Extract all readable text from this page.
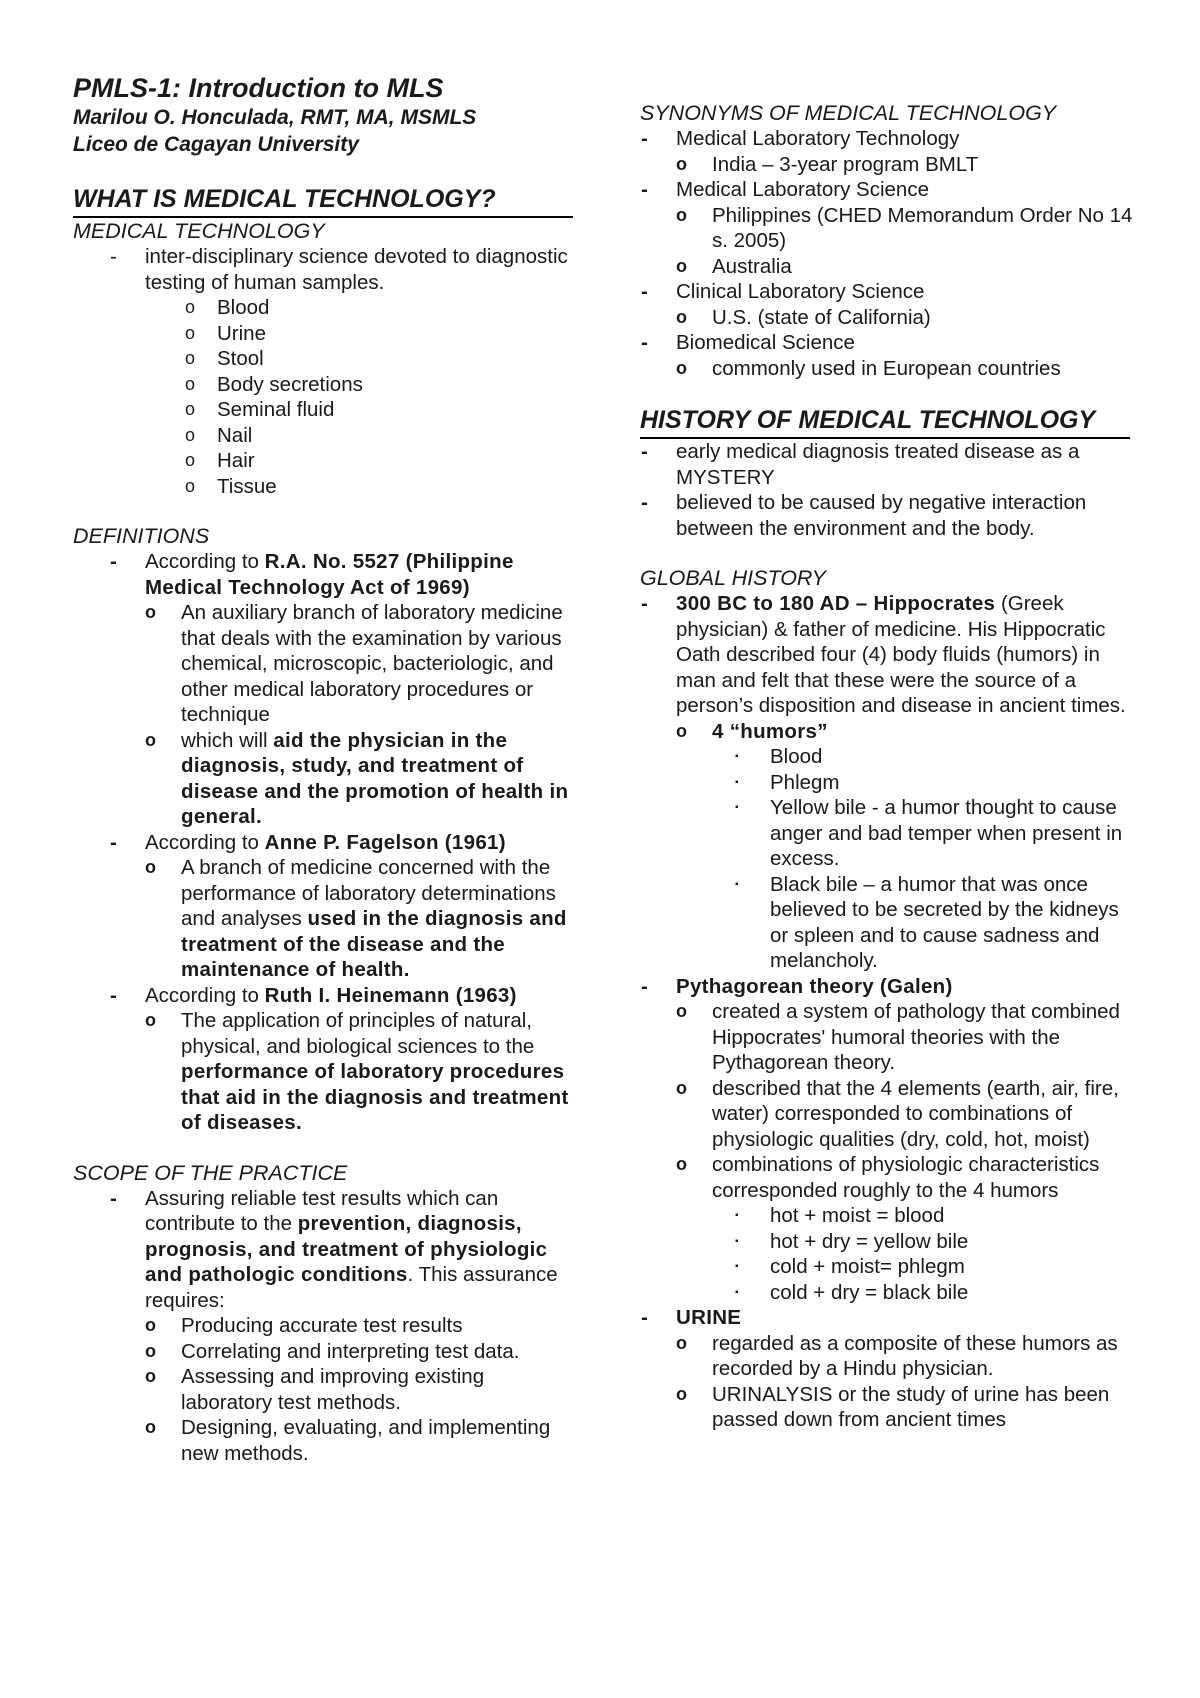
PMLS-1: Introduction to MLS

Marilou O. Honculada, RMT, MA, MSMLS

Liceo de Cagayan University

WHAT IS MEDICAL TECHNOLOGY?

MEDICAL TECHNOLOGY

- inter-disciplinary science devoted to diagnostic testing of human samples.
o Blood
o Urine
o Stool
o Body secretions
o Seminal fluid
o Nail
o Hair
o Tissue

DEFINITIONS

- According to R.A. No. 5527 (Philippine Medical Technology Act of 1969)
o An auxiliary branch of laboratory medicine that deals with the examination by various chemical, microscopic, bacteriologic, and other medical laboratory procedures or technique
o which will aid the physician in the diagnosis, study, and treatment of disease and the promotion of health in general.
- According to Anne P. Fagelson (1961)
o A branch of medicine concerned with the performance of laboratory determinations and analyses used in the diagnosis and treatment of the disease and the maintenance of health.
- According to Ruth I. Heinemann (1963)
o The application of principles of natural, physical, and biological sciences to the performance of laboratory procedures that aid in the diagnosis and treatment of diseases.

SCOPE OF THE PRACTICE

- Assuring reliable test results which can contribute to the prevention, diagnosis, prognosis, and treatment of physiologic and pathologic conditions. This assurance requires:
o Producing accurate test results
o Correlating and interpreting test data.
o Assessing and improving existing laboratory test methods.
o Designing, evaluating, and implementing new methods.

SYNONYMS OF MEDICAL TECHNOLOGY

- Medical Laboratory Technology
o India – 3-year program BMLT
- Medical Laboratory Science
o Philippines (CHED Memorandum Order No 14 s. 2005)
o Australia
- Clinical Laboratory Science
o U.S. (state of California)
- Biomedical Science
o commonly used in European countries

HISTORY OF MEDICAL TECHNOLOGY

- early medical diagnosis treated disease as a MYSTERY
- believed to be caused by negative interaction between the environment and the body.

GLOBAL HISTORY

- 300 BC to 180 AD – Hippocrates (Greek physician) & father of medicine. His Hippocratic Oath described four (4) body fluids (humors) in man and felt that these were the source of a person’s disposition and disease in ancient times.
o 4 “humors”
▪ Blood
▪ Phlegm
▪ Yellow bile - a humor thought to cause anger and bad temper when present in excess.
▪ Black bile – a humor that was once believed to be secreted by the kidneys or spleen and to cause sadness and melancholy.
- Pythagorean theory (Galen)
o created a system of pathology that combined Hippocrates' humoral theories with the Pythagorean theory.
o described that the 4 elements (earth, air, fire, water) corresponded to combinations of physiologic qualities (dry, cold, hot, moist)
o combinations of physiologic characteristics corresponded roughly to the 4 humors
▪ hot + moist = blood
▪ hot + dry = yellow bile
▪ cold + moist= phlegm
▪ cold + dry = black bile
- URINE
o regarded as a composite of these humors as recorded by a Hindu physician.
o URINALYSIS or the study of urine has been passed down from ancient times
